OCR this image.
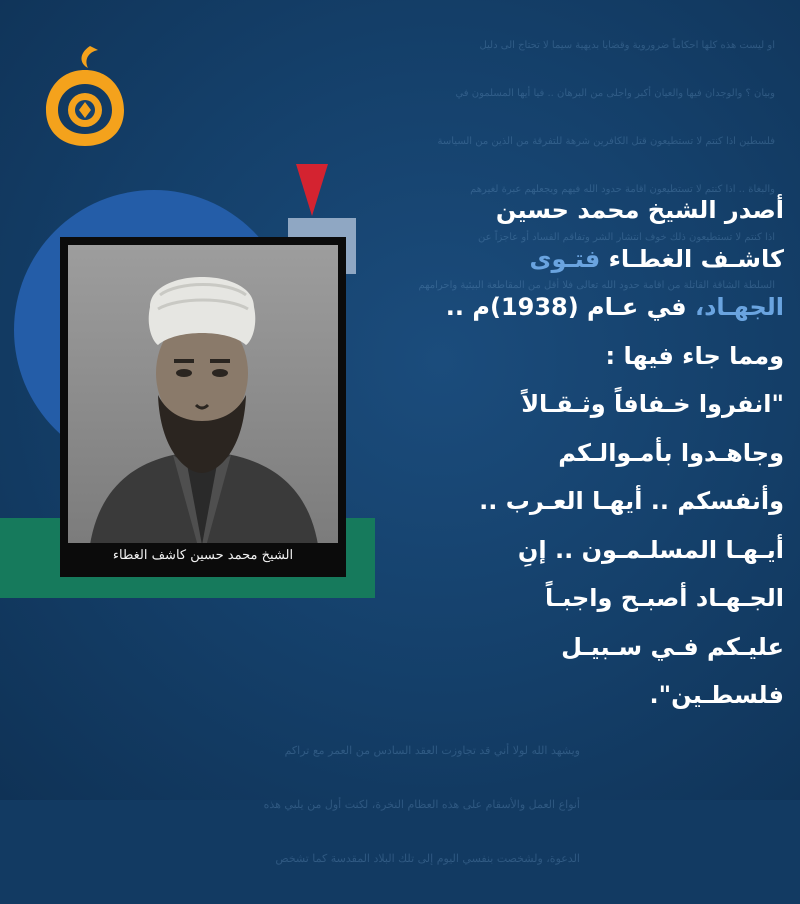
او ليست هذه كلها احكاماً ضروروية وقضايا بديهية سيما لا تحتاج الى دليل

وبيان ؟ والوجدان فيها والعيان أكبر واجلى من البرهان .. فيا أيها المسلمون في

فلسطين اذا كنتم لا تستطيعون قتل الكافرين شرهة للتفرقة من الذين من السياسة

والبغاة .. اذا كنتم لا تستطيعون اقامة حدود الله فيهم ويجعلهم عبرة لغيرهم

اذا كنتم لا تستطيعون ذلك خوف انتشار الشر وتفاقم الفساد أو عاجزاً عن

السلطة الشاقة القاتلة من اقامة حدود الله تعالى فلا أقل من المقاطعة البيئية واحرامهم

ويشهد الله لولا أني قد تجاوزت العقد السادس من العمر مع تراكم

أنواع العمل والأسقام على هذه العظام النخرة، لكنت أول من يلبي هذه

الدعوة، ولشخصت بنفسي اليوم إلى تلك البلاد المقدسة كما تشخص

الشيخ محمد حسين كاشف الغطاء
أصدر الشيخ محمد حسين
كاشـف الغطـاء فتـوى
الجهـاد، في عـام (1938)م ..
ومما جاء فيها :
"انفروا خـفافاً وثـقـالاً
وجاهـدوا بأمـوالـكم
وأنفسكم .. أيهـا العـرب ..
أيـهـا المسلـمـون .. إنِ
الجـهـاد أصبـح واجبـاً
عليـكم فـي سـبيـل
فلسطـين".
